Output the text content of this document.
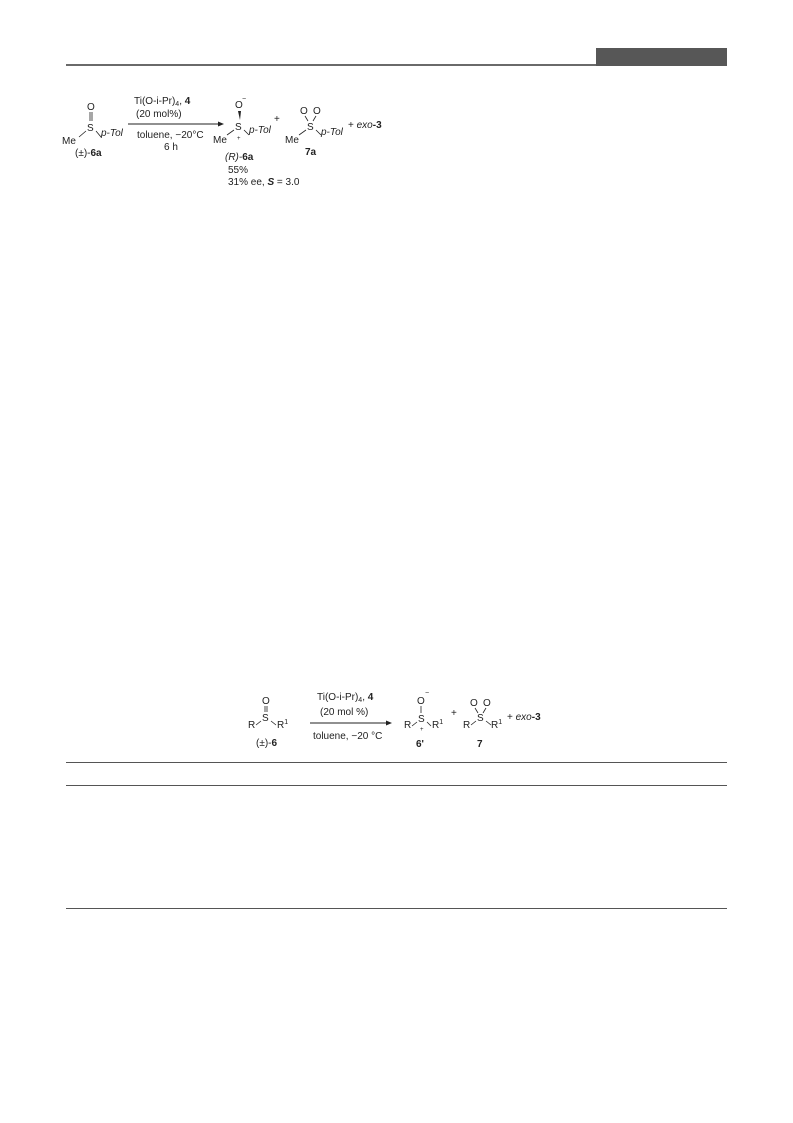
O
S
Me
p-Tol
(±)-6a
$Ti(O-i-Pr)_4$, 4
(20 mol%)
toluene, −20°C
6 h
O
−
S
+
Me
p-Tol
(R)-6a
55%
31% ee, S = 3.0
+
O O
S
Me
p-Tol
7a
+ exo-3
O
S
R $R^1$
(±)-6
$Ti(O-i-Pr)_4$, 4
(20 mol %)
toluene, −20 °C
O
−
S
+
R $R^1$
6'
+
O O
S
R $R^1$
7
+ exo-3
